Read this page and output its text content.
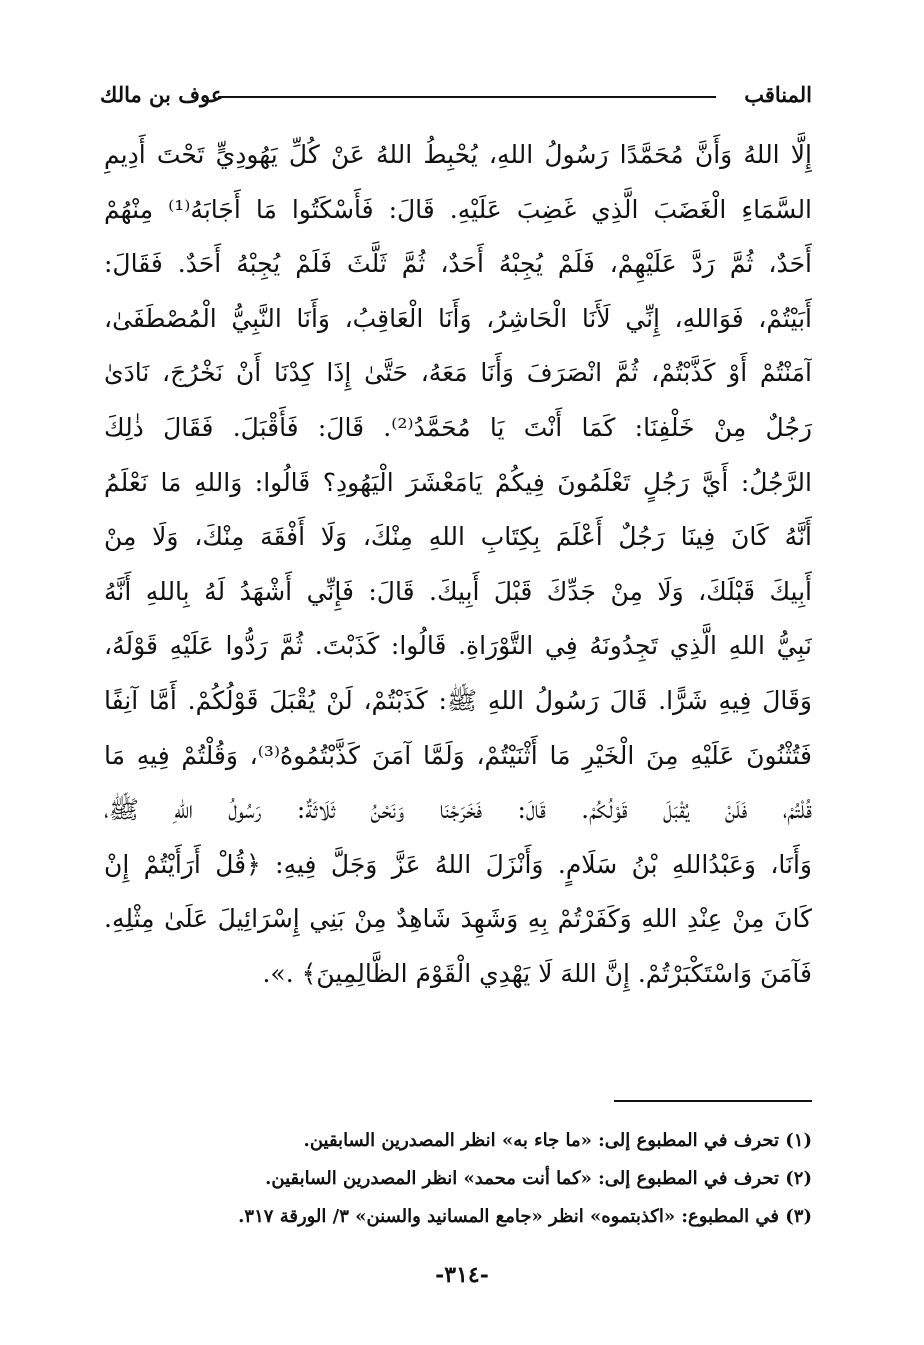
المناقب
عوف بن مالك
إِلَّا اللهُ وَأَنَّ مُحَمَّدًا رَسُولُ اللهِ، يُحْبِطُ اللهُ عَنْ كُلِّ يَهُودِيٍّ تَحْتَ أَدِيمِ
السَّمَاءِ الْغَضَبَ الَّذِي غَضِبَ عَلَيْهِ. قَالَ: فَأَسْكَتُوا مَا أَجَابَهُ⁽¹⁾ مِنْهُمْ
أَحَدٌ، ثُمَّ رَدَّ عَلَيْهِمْ، فَلَمْ يُجِبْهُ أَحَدٌ، ثُمَّ ثَلَّثَ فَلَمْ يُجِبْهُ أَحَدٌ. فَقَالَ:
أَبَيْتُمْ، فَوَاللهِ، إِنِّي لَأَنَا الْحَاشِرُ، وَأَنَا الْعَاقِبُ، وَأَنَا النَّبِيُّ الْمُصْطَفَىٰ،
آمَنْتُمْ أَوْ كَذَّبْتُمْ، ثُمَّ انْصَرَفَ وَأَنَا مَعَهُ، حَتَّىٰ إِذَا كِدْنَا أَنْ نَخْرُجَ، نَادَىٰ
رَجُلٌ مِنْ خَلْفِنَا: كَمَا أَنْتَ يَا مُحَمَّدُ⁽²⁾. قَالَ: فَأَقْبَلَ. فَقَالَ ذٰلِكَ
الرَّجُلُ: أَيَّ رَجُلٍ تَعْلَمُونَ فِيكُمْ يَامَعْشَرَ الْيَهُودِ؟ قَالُوا: وَاللهِ مَا نَعْلَمُ
أَنَّهُ كَانَ فِينَا رَجُلٌ أَعْلَمَ بِكِتَابِ اللهِ مِنْكَ، وَلَا أَفْقَهَ مِنْكَ، وَلَا مِنْ
أَبِيكَ قَبْلَكَ، وَلَا مِنْ جَدِّكَ قَبْلَ أَبِيكَ. قَالَ: فَإِنِّي أَشْهَدُ لَهُ بِاللهِ أَنَّهُ
نَبِيُّ اللهِ الَّذِي تَجِدُونَهُ فِي التَّوْرَاةِ. قَالُوا: كَذَبْتَ. ثُمَّ رَدُّوا عَلَيْهِ قَوْلَهُ،
وَقَالَ فِيهِ شَرًّا. قَالَ رَسُولُ اللهِ ﷺ: كَذَبْتُمْ، لَنْ يُقْبَلَ قَوْلُكُمْ. أَمَّا آنِفًا
فَتُثْنُونَ عَلَيْهِ مِنَ الْخَيْرِ مَا أَثْنَيْتُمْ، وَلَمَّا آمَنَ كَذَّبْتُمُوهُ⁽³⁾، وَقُلْتُمْ فِيهِ مَا
قُلْتُمْ، فَلَنْ يُقْبَلَ قَوْلُكُمْ. قَالَ: فَخَرَجْنَا وَنَحْنُ ثَلَاثَةٌ: رَسُولُ اللهِ ﷺ،
وَأَنَا، وَعَبْدُاللهِ بْنُ سَلَامٍ. وَأَنْزَلَ اللهُ عَزَّ وَجَلَّ فِيهِ: ﴿قُلْ أَرَأَيْتُمْ إِنْ
كَانَ مِنْ عِنْدِ اللهِ وَكَفَرْتُمْ بِهِ وَشَهِدَ شَاهِدٌ مِنْ بَنِي إِسْرَائِيلَ عَلَىٰ مِثْلِهِ.
فَآمَنَ وَاسْتَكْبَرْتُمْ. إِنَّ اللهَ لَا يَهْدِي الْقَوْمَ الظَّالِمِينَ﴾ .».
(١) تحرف في المطبوع إلى: «ما جاء به» انظر المصدرين السابقين.
(٢) تحرف في المطبوع إلى: «كما أنت محمد» انظر المصدرين السابقين.
(٣) في المطبوع: «اكذبتموه» انظر «جامع المسانيد والسنن» ٣/ الورقة ٣١٧.
-٣١٤-
